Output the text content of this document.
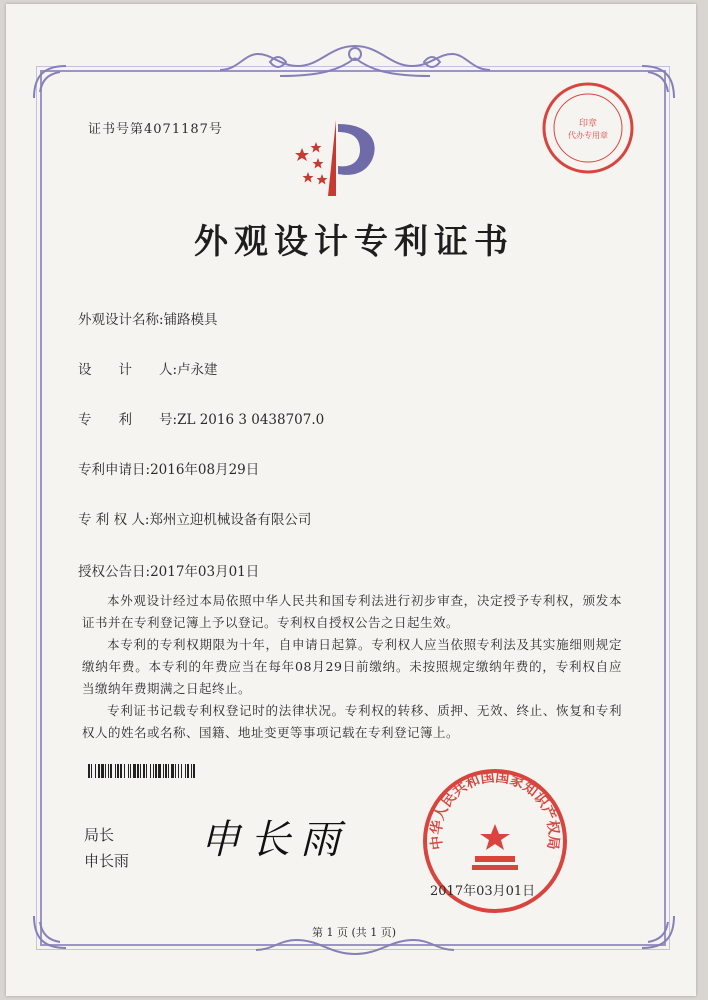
证书号第4071187号	印章
代办专用章
外观设计专利证书
外观设计名称:铺路模具
设　　计　　人:卢永建
专　　利　　号:ZL 2016 3 0438707.0
专利申请日:2016年08月29日
专 利 权 人:郑州立迎机械设备有限公司
授权公告日:2017年03月01日

本外观设计经过本局依照中华人民共和国专利法进行初步审查，决定授予专利权，颁发本证书并在专利登记簿上予以登记。专利权自授权公告之日起生效。

本专利的专利权期限为十年，自申请日起算。专利权人应当依照专利法及其实施细则规定缴纳年费。本专利的年费应当在每年08月29日前缴纳。未按照规定缴纳年费的，专利权自应当缴纳年费期满之日起终止。

专利证书记载专利权登记时的法律状况。专利权的转移、质押、无效、终止、恢复和专利权人的姓名或名称、国籍、地址变更等事项记载在专利登记簿上。

局长
申长雨 申长雨	中华人民共和国国家知识产权局
2017年03月01日
第 1 页 (共 1 页)
